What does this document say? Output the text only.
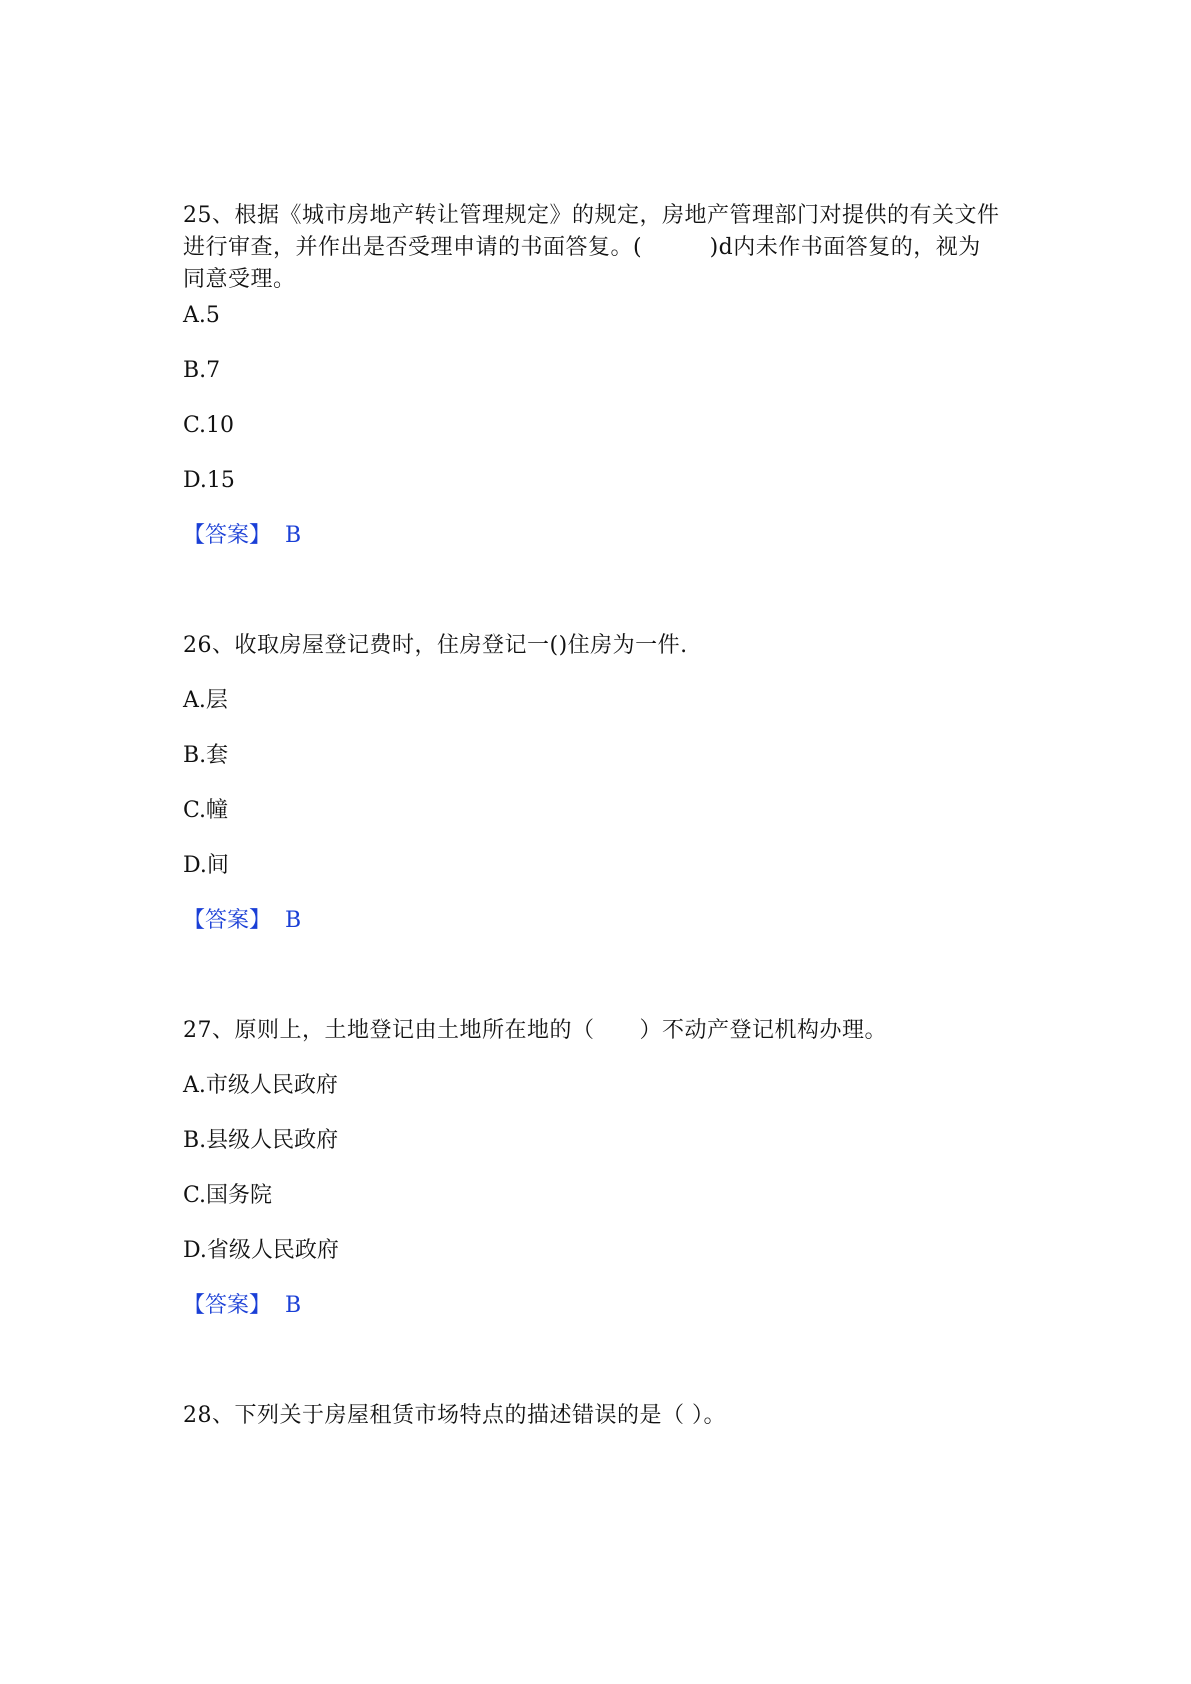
25、根据《城市房地产转让管理规定》的规定，房地产管理部门对提供的有关文件进行审查，并作出是否受理申请的书面答复。(　　　)d内未作书面答复的，视为同意受理。

A.5
B.7
C.10
D.15
【答案】 B

26、收取房屋登记费时，住房登记一()住房为一件.

A.层
B.套
C.幢
D.间
【答案】 B

27、原则上，土地登记由土地所在地的（　　）不动产登记机构办理。

A.市级人民政府
B.县级人民政府
C.国务院
D.省级人民政府
【答案】 B

28、下列关于房屋租赁市场特点的描述错误的是（ ）。
